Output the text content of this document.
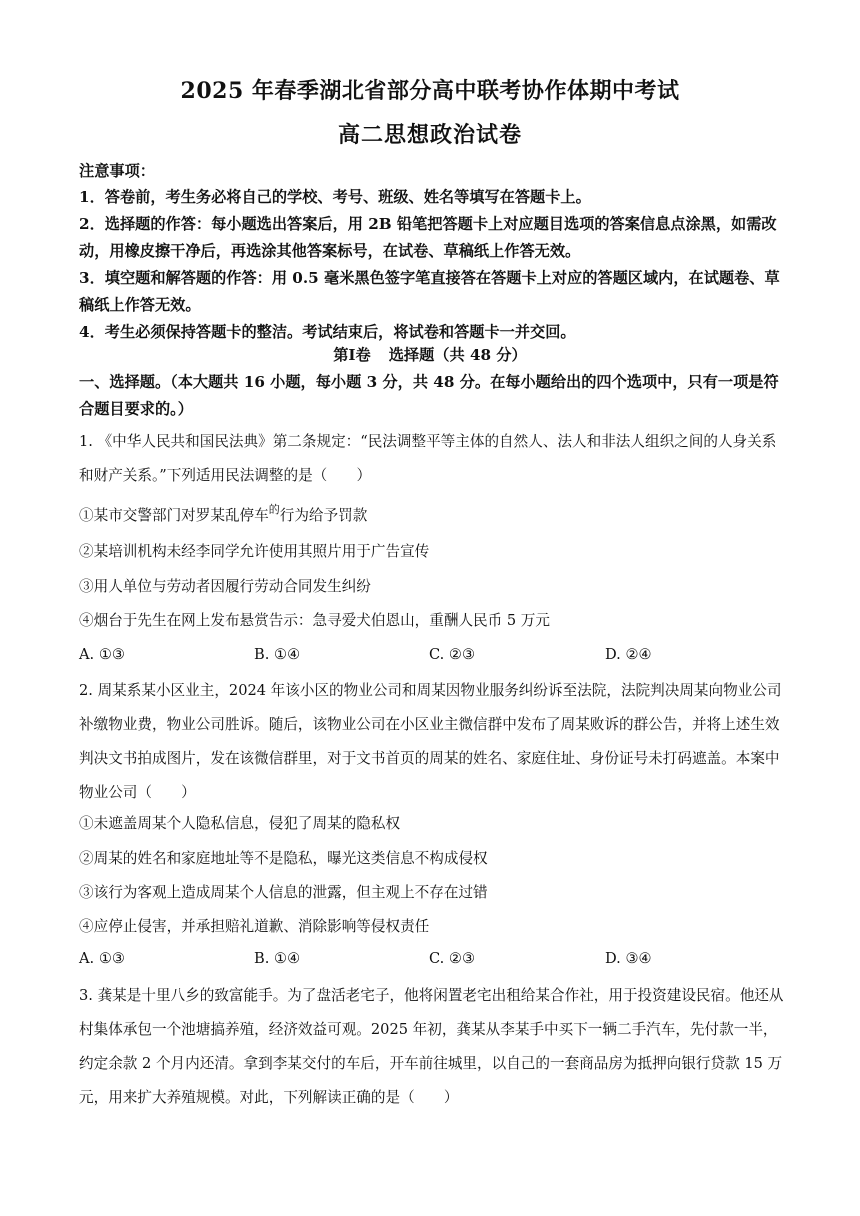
2025 年春季湖北省部分高中联考协作体期中考试
高二思想政治试卷
注意事项：

1．答卷前，考生务必将自己的学校、考号、班级、姓名等填写在答题卡上。

2．选择题的作答：每小题选出答案后，用 2B 铅笔把答题卡上对应题目选项的答案信息点涂黑，如需改动，用橡皮擦干净后，再选涂其他答案标号，在试卷、草稿纸上作答无效。

3．填空题和解答题的作答：用 0.5 毫米黑色签字笔直接答在答题卡上对应的答题区域内，在试题卷、草稿纸上作答无效。

4．考生必须保持答题卡的整洁。考试结束后，将试卷和答题卡一并交回。

第Ⅰ卷 选择题（共 48 分）

一、选择题。（本大题共 16 小题，每小题 3 分，共 48 分。在每小题给出的四个选项中，只有一项是符合题目要求的。）

1. 《中华人民共和国民法典》第二条规定：“民法调整平等主体的自然人、法人和非法人组织之间的人身关系和财产关系。”下列适用民法调整的是（　　）

①某市交警部门对罗某乱停车$^的$行为给予罚款
②某培训机构未经李同学允许使用其照片用于广告宣传
③用人单位与劳动者因履行劳动合同发生纠纷
④烟台于先生在网上发布悬赏告示：急寻爱犬伯恩山，重酬人民币 5 万元
A. ①③	B. ①④	C. ②③	D. ②④

2. 周某系某小区业主，2024 年该小区的物业公司和周某因物业服务纠纷诉至法院，法院判决周某向物业公司补缴物业费，物业公司胜诉。随后，该物业公司在小区业主微信群中发布了周某败诉的群公告，并将上述生效判决文书拍成图片，发在该微信群里，对于文书首页的周某的姓名、家庭住址、身份证号未打码遮盖。本案中物业公司（　　）

①未遮盖周某个人隐私信息，侵犯了周某的隐私权
②周某的姓名和家庭地址等不是隐私，曝光这类信息不构成侵权
③该行为客观上造成周某个人信息的泄露，但主观上不存在过错
④应停止侵害，并承担赔礼道歉、消除影响等侵权责任
A. ①③	B. ①④	C. ②③	D. ③④

3. 龚某是十里八乡的致富能手。为了盘活老宅子，他将闲置老宅出租给某合作社，用于投资建设民宿。他还从村集体承包一个池塘搞养殖，经济效益可观。2025 年初，龚某从李某手中买下一辆二手汽车，先付款一半，约定余款 2 个月内还清。拿到李某交付的车后，开车前往城里，以自己的一套商品房为抵押向银行贷款 15 万元，用来扩大养殖规模。对此，下列解读正确的是（　　）
